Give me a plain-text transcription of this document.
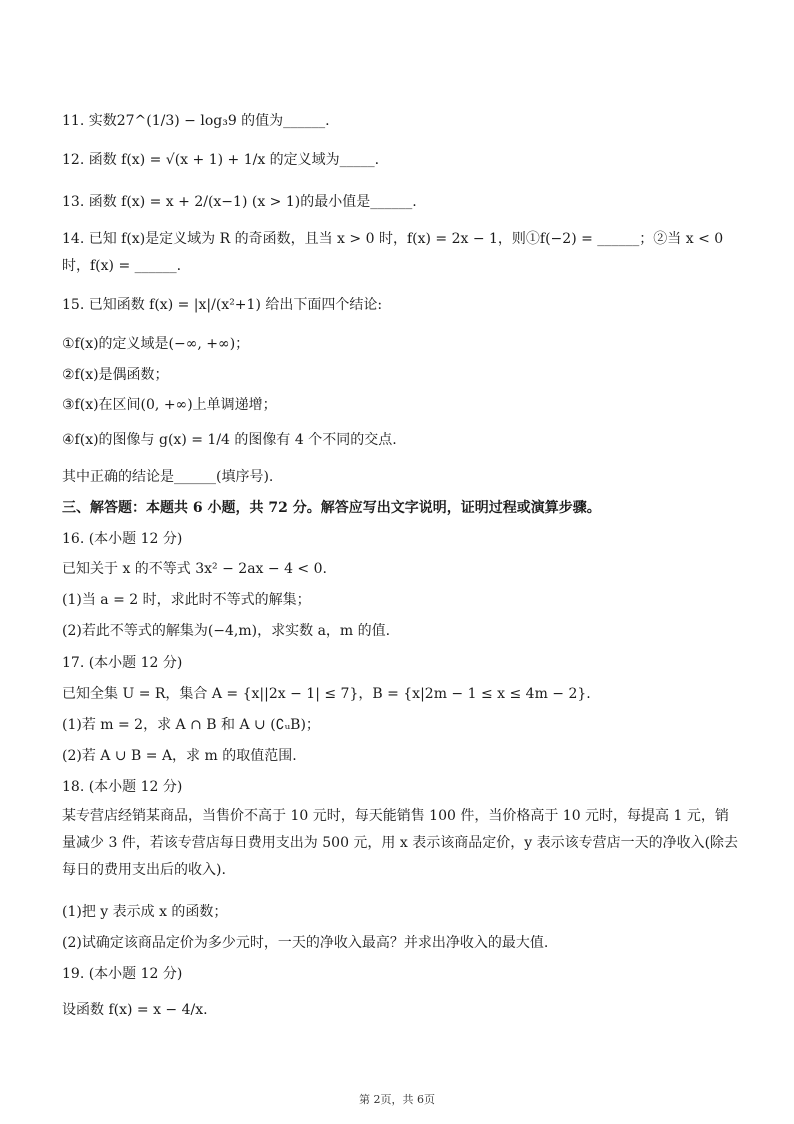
11. 实数27^(1/3) − log₃9 的值为______.
12. 函数 f(x) = √(x + 1) + 1/x 的定义域为_____.
13. 函数 f(x) = x + 2/(x−1) (x > 1)的最小值是______.
14. 已知 f(x)是定义域为 R 的奇函数，且当 x > 0 时，f(x) = 2x − 1，则①f(−2) = ______；②当 x < 0 时，f(x) = ______.
15. 已知函数 f(x) = |x|/(x²+1) 给出下面四个结论:
①f(x)的定义域是(−∞, +∞)；
②f(x)是偶函数；
③f(x)在区间(0, +∞)上单调递增；
④f(x)的图像与 g(x) = 1/4 的图像有 4 个不同的交点.
其中正确的结论是______(填序号).
三、解答题：本题共 6 小题，共 72 分。解答应写出文字说明，证明过程或演算步骤。
16. (本小题 12 分)
已知关于 x 的不等式 3x² − 2ax − 4 < 0.
(1)当 a = 2 时，求此时不等式的解集；
(2)若此不等式的解集为(−4,m)，求实数 a，m 的值.
17. (本小题 12 分)
已知全集 U = R，集合 A = {x||2x − 1| ≤ 7}，B = {x|2m − 1 ≤ x ≤ 4m − 2}.
(1)若 m = 2，求 A ∩ B 和 A ∪ (∁ᵤB)；
(2)若 A ∪ B = A，求 m 的取值范围.
18. (本小题 12 分)
某专营店经销某商品，当售价不高于 10 元时，每天能销售 100 件，当价格高于 10 元时，每提高 1 元，销量减少 3 件，若该专营店每日费用支出为 500 元，用 x 表示该商品定价，y 表示该专营店一天的净收入(除去每日的费用支出后的收入).
(1)把 y 表示成 x 的函数；
(2)试确定该商品定价为多少元时，一天的净收入最高？并求出净收入的最大值.
19. (本小题 12 分)
设函数 f(x) = x − 4/x.
第 2页，共 6页
